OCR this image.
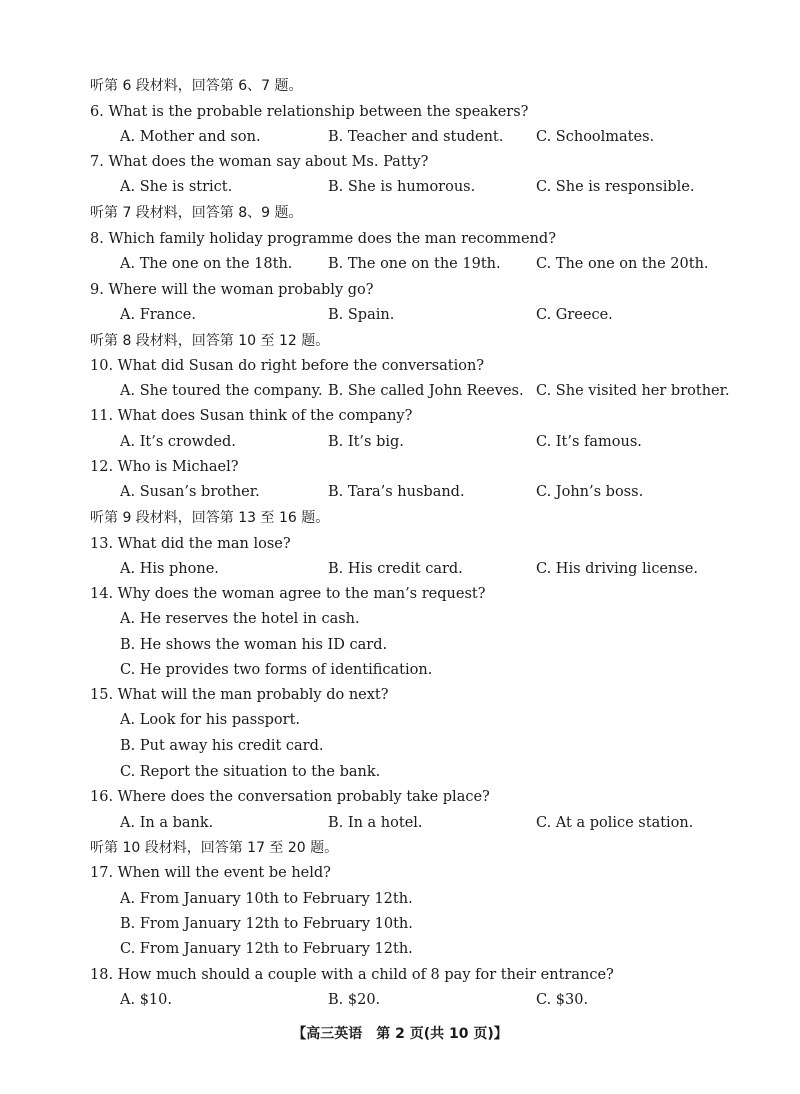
听第 6 段材料，回答第 6、7 题。
6. What is the probable relationship between the speakers?
A. Mother and son.	B. Teacher and student. C. Schoolmates.
7. What does the woman say about Ms. Patty?
A. She is strict.	B. She is humorous.	C. She is responsible.
听第 7 段材料，回答第 8、9 题。
8. Which family holiday programme does the man recommend?
A. The one on the 18th. B. The one on the 19th. C. The one on the 20th.
9. Where will the woman probably go?
A. France.	B. Spain.	C. Greece.
听第 8 段材料，回答第 10 至 12 题。
10. What did Susan do right before the conversation?
A. She toured the company. B. She called John Reeves. C. She visited her brother.
11. What does Susan think of the company?
A. It’s crowded.	B. It’s big.	C. It’s famous.
12. Who is Michael?
A. Susan’s brother.	B. Tara’s husband.	C. John’s boss.
听第 9 段材料，回答第 13 至 16 题。
13. What did the man lose?
A. His phone.	B. His credit card.	C. His driving license.
14. Why does the woman agree to the man’s request?
A. He reserves the hotel in cash.
B. He shows the woman his ID card.
C. He provides two forms of identification.
15. What will the man probably do next?
A. Look for his passport.
B. Put away his credit card.
C. Report the situation to the bank.
16. Where does the conversation probably take place?
A. In a bank.	B. In a hotel.	C. At a police station.
听第 10 段材料，回答第 17 至 20 题。
17. When will the event be held?
A. From January 10th to February 12th.
B. From January 12th to February 10th.
C. From January 12th to February 12th.
18. How much should a couple with a child of 8 pay for their entrance?
A. $10.	B. $20.	C. $30.
【高三英语　第 2 页(共 10 页)】
